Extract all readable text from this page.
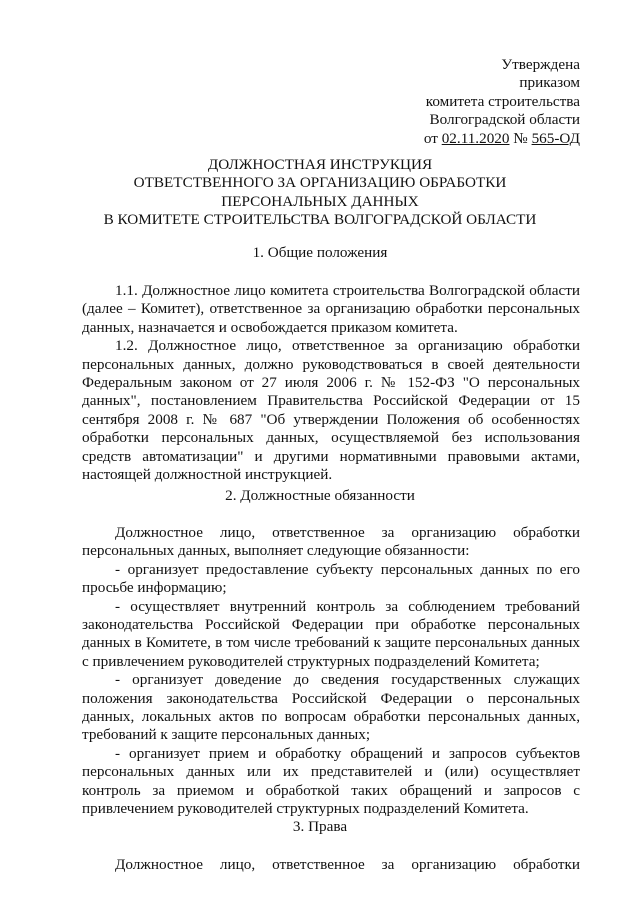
Утверждена
приказом
комитета строительства
Волгоградской области
от 02.11.2020 № 565-ОД
ДОЛЖНОСТНАЯ ИНСТРУКЦИЯ
ОТВЕТСТВЕННОГО ЗА ОРГАНИЗАЦИЮ ОБРАБОТКИ
ПЕРСОНАЛЬНЫХ ДАННЫХ
В КОМИТЕТЕ СТРОИТЕЛЬСТВА ВОЛГОГРАДСКОЙ ОБЛАСТИ
1. Общие положения

1.1. Должностное лицо комитета строительства Волгоградской области (далее – Комитет), ответственное за организацию обработки персональных данных, назначается и освобождается приказом комитета.

1.2. Должностное лицо, ответственное за организацию обработки персональных данных, должно руководствоваться в своей деятельности Федеральным законом от 27 июля 2006 г. № 152-ФЗ "О персональных данных", постановлением Правительства Российской Федерации от 15 сентября 2008 г. № 687 "Об утверждении Положения об особенностях обработки персональных данных, осуществляемой без использования средств автоматизации" и другими нормативными правовыми актами, настоящей должностной инструкцией.

2. Должностные обязанности

Должностное лицо, ответственное за организацию обработки персональных данных, выполняет следующие обязанности:

- организует предоставление субъекту персональных данных по его просьбе информацию;

- осуществляет внутренний контроль за соблюдением требований законодательства Российской Федерации при обработке персональных данных в Комитете, в том числе требований к защите персональных данных с привлечением руководителей структурных подразделений Комитета;

- организует доведение до сведения государственных служащих положения законодательства Российской Федерации о персональных данных, локальных актов по вопросам обработки персональных данных, требований к защите персональных данных;

- организует прием и обработку обращений и запросов субъектов персональных данных или их представителей и (или) осуществляет контроль за приемом и обработкой таких обращений и запросов с привлечением руководителей структурных подразделений Комитета.

3. Права

Должностное лицо, ответственное за организацию обработки
